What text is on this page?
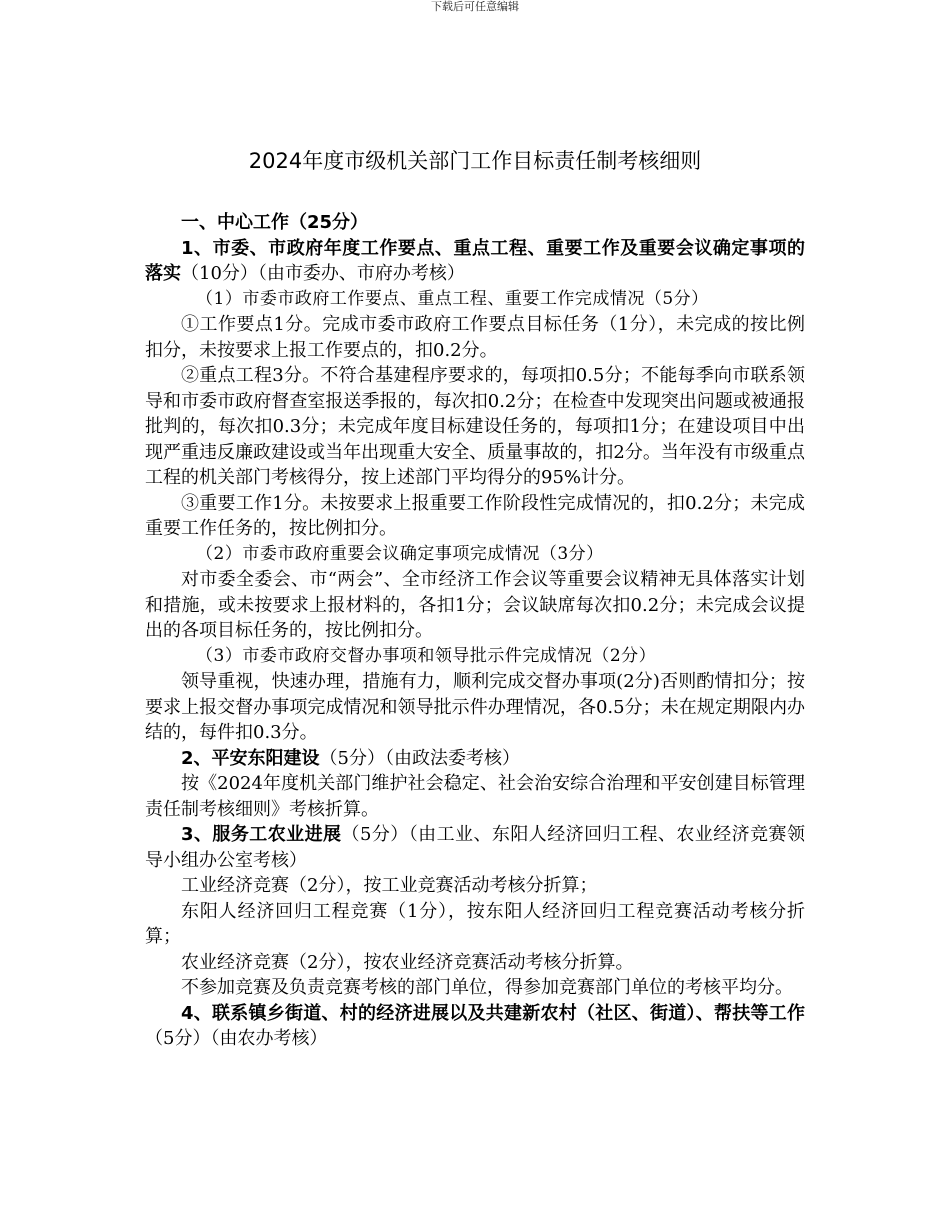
下载后可任意编辑
2024年度市级机关部门工作目标责任制考核细则

一、中心工作（25分）

1、市委、市政府年度工作要点、重点工程、重要工作及重要会议确定事项的落实（10分）（由市委办、市府办考核）

（1）市委市政府工作要点、重点工程、重要工作完成情况（5分）

①工作要点1分。完成市委市政府工作要点目标任务（1分），未完成的按比例扣分，未按要求上报工作要点的，扣0.2分。

②重点工程3分。不符合基建程序要求的，每项扣0.5分；不能每季向市联系领导和市委市政府督查室报送季报的，每次扣0.2分；在检查中发现突出问题或被通报批判的，每次扣0.3分；未完成年度目标建设任务的，每项扣1分；在建设项目中出现严重违反廉政建设或当年出现重大安全、质量事故的，扣2分。当年没有市级重点工程的机关部门考核得分，按上述部门平均得分的95%计分。

③重要工作1分。未按要求上报重要工作阶段性完成情况的，扣0.2分；未完成重要工作任务的，按比例扣分。

（2）市委市政府重要会议确定事项完成情况（3分）

对市委全委会、市“两会”、全市经济工作会议等重要会议精神无具体落实计划和措施，或未按要求上报材料的，各扣1分；会议缺席每次扣0.2分；未完成会议提出的各项目标任务的，按比例扣分。

（3）市委市政府交督办事项和领导批示件完成情况（2分）

领导重视，快速办理，措施有力，顺利完成交督办事项(2分)否则酌情扣分；按要求上报交督办事项完成情况和领导批示件办理情况，各0.5分；未在规定期限内办结的，每件扣0.3分。

2、平安东阳建设（5分）（由政法委考核）

按《2024年度机关部门维护社会稳定、社会治安综合治理和平安创建目标管理责任制考核细则》考核折算。

3、服务工农业进展（5分）（由工业、东阳人经济回归工程、农业经济竞赛领导小组办公室考核）

工业经济竞赛（2分），按工业竞赛活动考核分折算；

东阳人经济回归工程竞赛（1分），按东阳人经济回归工程竞赛活动考核分折算；

农业经济竞赛（2分），按农业经济竞赛活动考核分折算。

不参加竞赛及负责竞赛考核的部门单位，得参加竞赛部门单位的考核平均分。

4、联系镇乡街道、村的经济进展以及共建新农村（社区、街道）、帮扶等工作（5分）（由农办考核）
